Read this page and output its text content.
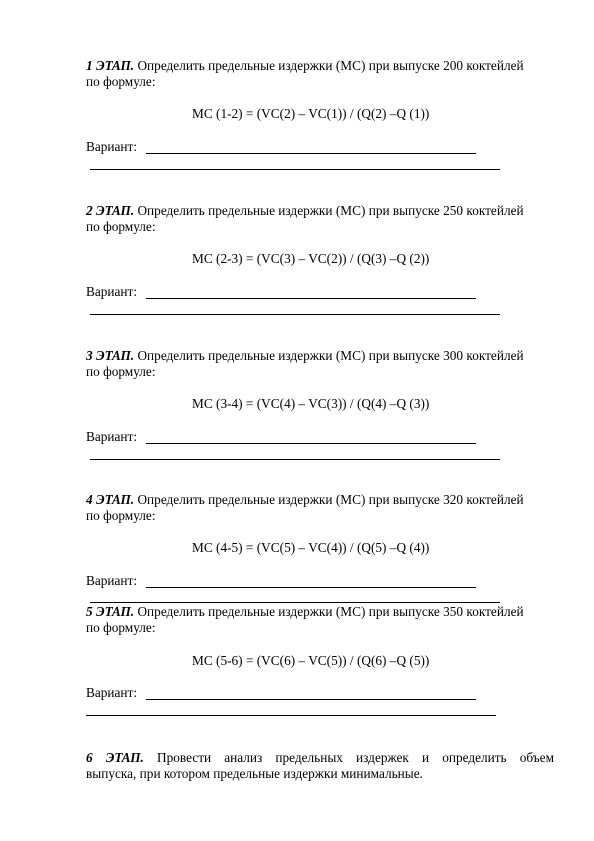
1 ЭТАП. Определить предельные издержки (МС) при выпуске 200 коктейлей
по формуле:
МС (1-2) = (VC(2) – VC(1)) / (Q(2) –Q (1))
Вариант:
2 ЭТАП. Определить предельные издержки (МС) при выпуске 250 коктейлей
по формуле:
МС (2-3) = (VC(3) – VC(2)) / (Q(3) –Q (2))
Вариант:
3 ЭТАП. Определить предельные издержки (МС) при выпуске 300 коктейлей
по формуле:
МС (3-4) = (VC(4) – VC(3)) / (Q(4) –Q (3))
Вариант:
4 ЭТАП. Определить предельные издержки (МС) при выпуске 320 коктейлей
по формуле:
МС (4-5) = (VC(5) – VC(4)) / (Q(5) –Q (4))
Вариант:
5 ЭТАП. Определить предельные издержки (МС) при выпуске 350 коктейлей
по формуле:
МС (5-6) = (VC(6) – VC(5)) / (Q(6) –Q (5))
Вариант:
6 ЭТАП. Провести анализ предельных издержек и определить объем
выпуска, при котором предельные издержки минимальные.
